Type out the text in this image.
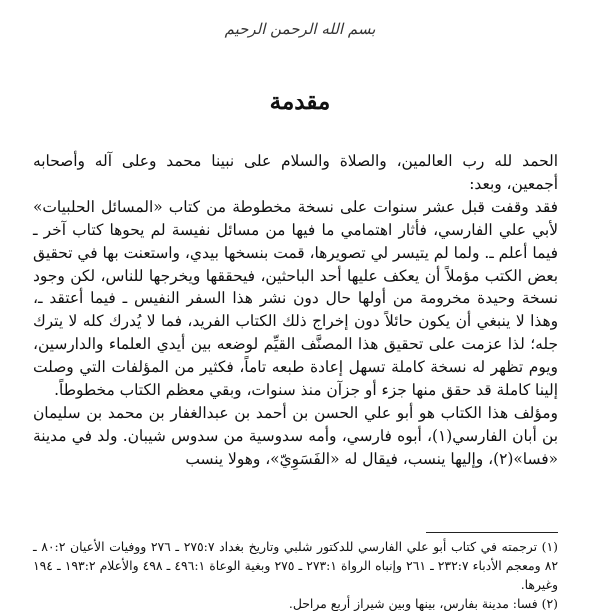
بسم الله الرحمن الرحيم
مقدمة

الحمد لله رب العالمين، والصلاة والسلام على نبينا محمد وعلى آله وأصحابه أجمعين، وبعد:

فقد وقفت قبل عشر سنوات على نسخة مخطوطة من كتاب «المسائل الحلبيات» لأبي علي الفارسي، فأثار اهتمامي ما فيها من مسائل نفيسة لم يحوها كتاب آخر ـ فيما أعلم ـ. ولما لم يتيسر لي تصويرها، قمت بنسخها بيدي، واستعنت بها في تحقيق بعض الكتب مؤملاً أن يعكف عليها أحد الباحثين، فيحققها ويخرجها للناس، لكن وجود نسخة وحيدة مخرومة من أولها حال دون نشر هذا السفر النفيس ـ فيما أعتقد ـ، وهذا لا ينبغي أن يكون حائلاً دون إخراج ذلك الكتاب الفريد، فما لا يُدرك كله لا يترك جله؛ لذا عزمت على تحقيق هذا المصنَّف القيِّم لوضعه بين أيدي العلماء والدارسين، ويوم تظهر له نسخة كاملة تسهل إعادة طبعه تاماً، فكثير من المؤلفات التي وصلت إلينا كاملة قد حقق منها جزء أو جزآن منذ سنوات، وبقي معظم الكتاب مخطوطاً.

ومؤلف هذا الكتاب هو أبو علي الحسن بن أحمد بن عبدالغفار بن محمد بن سليمان بن أبان الفارسي(١)، أبوه فارسي، وأمه سدوسية من سدوس شيبان. ولد في مدينة «فسا»(٢)، وإليها ينسب، فيقال له «الفَسَوِيّ»، وهولا ينسب

(١) ترجمته في كتاب أبو علي الفارسي للدكتور شلبي وتاريخ بغداد ٢٧٥:٧ ـ ٢٧٦ ووفيات الأعيان ٨٠:٢ ـ ٨٢ ومعجم الأدباء ٢٣٢:٧ ـ ٢٦١ وإنباه الرواة ٢٧٣:١ ـ ٢٧٥ وبغية الوعاة ٤٩٦:١ ـ ٤٩٨ والأعلام ١٩٣:٢ ـ ١٩٤ وغيرها.

(٢) فسا: مدينة بفارس، بينها وبين شيراز أربع مراحل.
